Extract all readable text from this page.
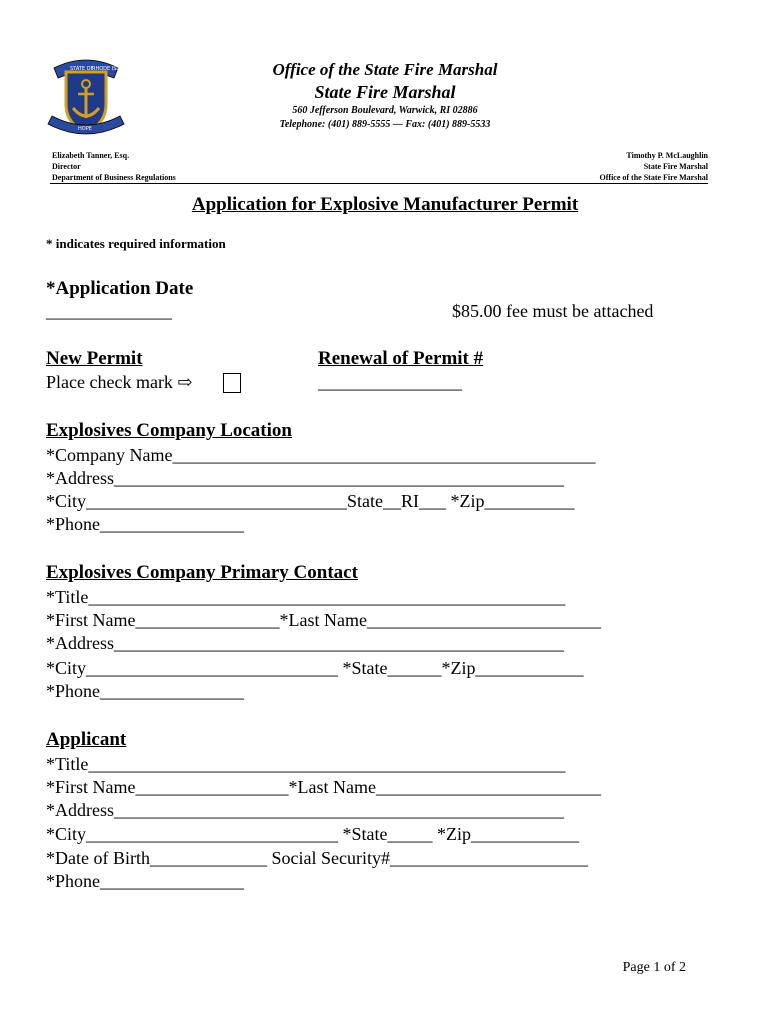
STATE OF
RHODE ISLAND
HOPE
Office of the State Fire Marshal
State Fire Marshal
560 Jefferson Boulevard, Warwick, RI 02886
Telephone: (401) 889-5555 — Fax: (401) 889-5533
Elizabeth Tanner, Esq.
Director
Department of Business Regulations
Timothy P. McLaughlin
State Fire Marshal
Office of the State Fire Marshal
Application for Explosive Manufacturer Permit
* indicates required information
*Application Date
______________	$85.00 fee must be attached
New Permit
Place check mark ⇨
Renewal of Permit #
________________
Explosives Company Location
*Company Name_______________________________________________
*Address__________________________________________________
*City_____________________________State__RI___ *Zip__________
*Phone________________
Explosives Company Primary Contact
*Title_____________________________________________________
*First Name________________*Last Name__________________________
*Address__________________________________________________
*City____________________________ *State______*Zip____________
*Phone________________
Applicant
*Title_____________________________________________________
*First Name_________________*Last Name_________________________
*Address__________________________________________________
*City____________________________ *State_____ *Zip____________
*Date of Birth_____________ Social Security#______________________
*Phone________________
Page 1 of 2
